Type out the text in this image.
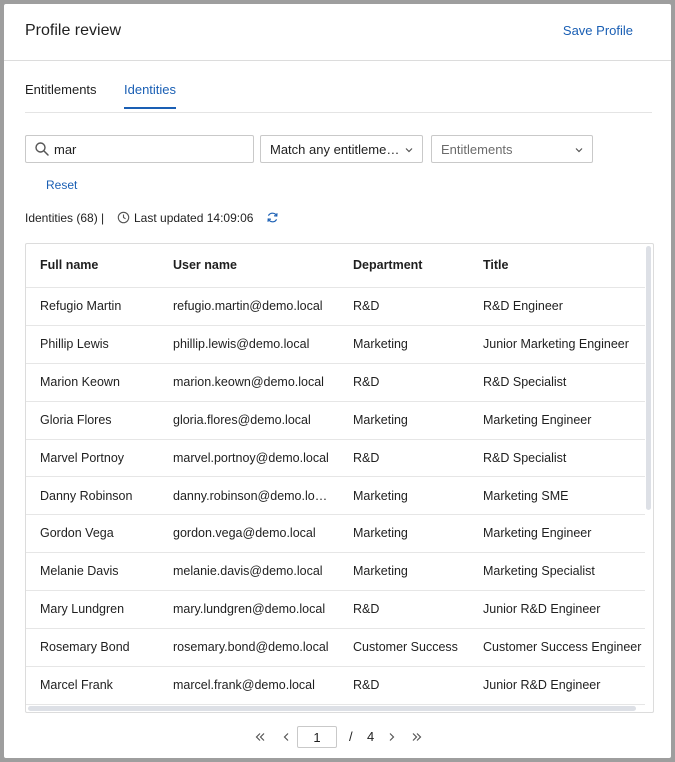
Profile review	Save Profile
Entitlements Identities
mar
Match any entitlemen...	Entitlements
Reset
Identities (68) | Last updated 14:09:06
Full name	User name	Department	Title
Refugio Martin	refugio.martin@demo.local	R&D	R&D Engineer
Phillip Lewis	phillip.lewis@demo.local	Marketing	Junior Marketing Engineer
Marion Keown	marion.keown@demo.local	R&D	R&D Specialist
Gloria Flores	gloria.flores@demo.local	Marketing	Marketing Engineer
Marvel Portnoy	marvel.portnoy@demo.local	R&D	R&D Specialist
Danny Robinson	danny.robinson@demo.loc…	Marketing	Marketing SME
Gordon Vega	gordon.vega@demo.local	Marketing	Marketing Engineer
Melanie Davis	melanie.davis@demo.local	Marketing	Marketing Specialist
Mary Lundgren	mary.lundgren@demo.local	R&D	Junior R&D Engineer
Rosemary Bond	rosemary.bond@demo.local	Customer Success	Customer Success Engineer
Marcel Frank	marcel.frank@demo.local	R&D	Junior R&D Engineer
1
/ 4
